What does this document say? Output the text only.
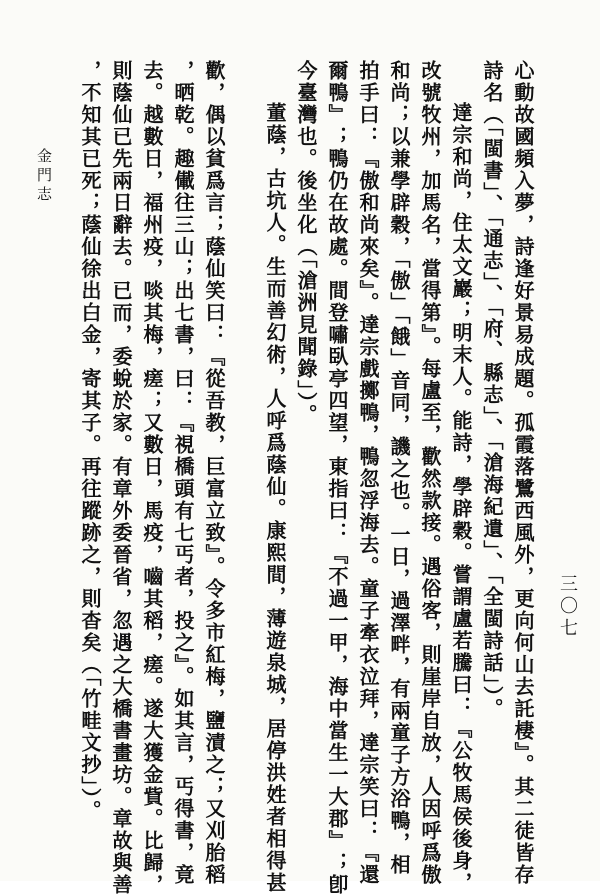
金門志	心動故國頻入夢，詩逢好景易成題。孤霞落鷺西風外，更向何山去託棲』。其二徒皆存
詩名（「閩書」、「通志」、「府、縣志」、「滄海紀遺」、「全閩詩話」）。
達宗和尚，住太文巖；明末人。能詩，學辟穀。嘗謂盧若騰曰：『公牧馬侯後身，
改號牧州，加馬名，當得第』。每盧至，歡然款接。遇俗客，則崖岸自放，人因呼爲傲
和尚；以兼學辟穀，「傲」「餓」音同，譏之也。一日，過澤畔，有兩童子方浴鴨，相
拍手曰：『傲和尚來矣』。達宗戲擲鴨，鴨忽浮海去。童子牽衣泣拜，達宗笑曰：『還
爾鴨』；鴨仍在故處。間登嘯臥亭四望，東指曰：『不過一甲，海中當生一大郡』；卽
今臺灣也。後坐化（「滄洲見聞錄」）。
董蔭，古坑人。生而善幻術，人呼爲蔭仙。康熙間，薄遊泉城，居停洪姓者相得甚
歡，偶以貧爲言；蔭仙笑曰：『從吾教，巨富立致』。令多市紅梅，鹽漬之；又刈胎稻
，晒乾。趣儎往三山；出七書，曰：『視橋頭有七丐者，投之』。如其言，丐得書，竟
去。越數日，福州疫，啖其梅，瘥；又數日，馬疫，嚙其稻，瘥。遂大獲金貲。比歸，
則蔭仙已先兩日辭去。已而，委蛻於家。有章外委晉省，忽遇之大橋書畫坊。章故與善
，不知其已死；蔭仙徐出白金，寄其子。再往蹤跡之，則杳矣（「竹畦文抄」）。	三〇七
